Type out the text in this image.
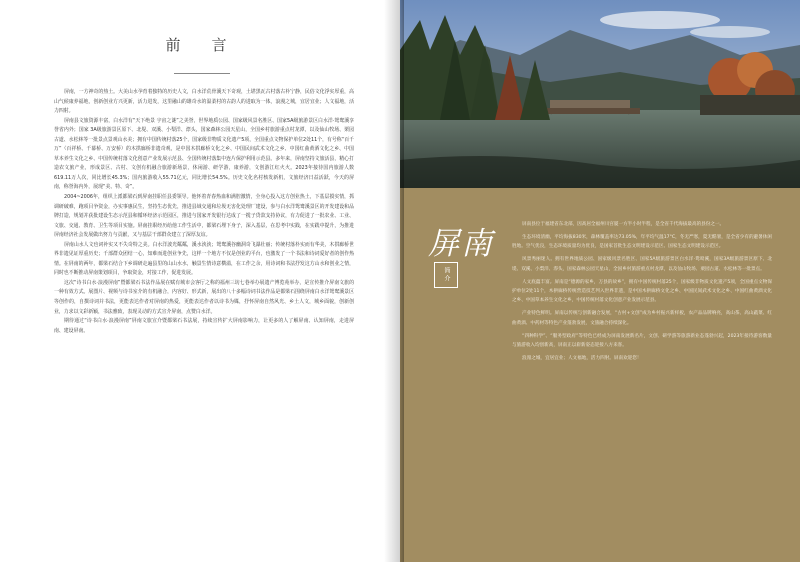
前　言

屏南，一方神奇的热土。大美山水孕育着独特的历史人文，白水洋荒骨溪天下奇观，土堪黑瓦古村落古朴宁静，民俗文化浮实厚重，高山气候康养福地，创新创业方兴更新，活力进发，这里融山的雄奇水的温柔村的古韵人的进取为一体，浪漫之城，宜居宜业；人文福地，活力四射。

屏南县文旅资源丰富，白水洋有“天下绝景 宇宙之谜”之美誉，世界地质公园、国家级风景名胜区、国家5A级旅游景区白水洋·鸳鸯溪享誉省内外；国家 3A级旅游景区原下、北堤、双溪、小梨洋、漈头，国家森林公园天星山，全国乡村旅游重点村龙潭，以及仙山牧场、栗园古道、水松林等一批景点景观山水美；拥有中国传统村落25个，国家级非物质文化遗产5项，全国重点文物保护单位2处11个，有号称“百千万”（百祥桥、千幕桥、万安桥）的木拱廊桥非遗奇观，是中国木拱廊桥文化之乡、中国民间武术文化之乡、中国红曲黄酒文化之乡、中国草本养生文化之乡、中国传统村落文化创意产业发展示范县、全国传统村落集中连片保护利用示范县。多年来，屏南坚持文旅活县，精心打造农文旅产业，形成景区、古村、文创有机融合旅游新场景，休闲游、研学游，康养游，文创游江红火火。2023年接待国内旅游人数619.11万人次，同比增长45.3%；国内旅游收入55.71亿元，同比增长54.5%。历史文化名村核发新机，文旅经济日益活跃，今天的屏南，称誉海内外，展现“美、特、奇”。

2004~2006年，组织上派都梁石到屏南挂职任县委领导。他怀着青春热血和满腔激情，全身心投入这方创业热土，下基层摸实情，抓调研破难，跑项目争资金，办实事惠民生，坚持生态优先，推进县域交通和垃圾无害化处理厂建设，参与白水洋鸳鸯溪景区的开发建设和品牌打造，规划并获批建设生态示范县和循环经济示范园区，推进与国家开发银行达成了一揽子贷款支持协议，有力促进了一批农业、工业、文旅、交通、教育、卫生等项目实施。屏南挂职经历给他工作生活中，都梁石埋下身子，深入基层，在思考中实践，在实践中提升，为推进屏南经济社会发展做出努力与贡献，又与基层干部群众建立了深厚友谊。

屏南山水人文也词补实又不失奇特之美。白水洋波光粼粼，溪水浃浃；鸳鸯溪谷幽洞奇飞瀑壮丽；传统村落朴实而有华美，木拱廊桥世界非遗见证厚重历史；千部群众团结一心，知难而进创业争先，这样一个地方不仅是创业的平台，也激发了一个书法和诗词爱好者的创作热情。在屏南的两年，都梁石结合下乡调研走遍县里的山山水水，触景生情诗意横溢，在工作之余，用诗词和书法抒发这方山水和创业之情，同时也不断推动屏南策划项目，争取资金，对接工作，促进发展。

这次“诗书白水·浪漫屏南”暨都梁石书法作品展在赋有城市会客厅之称的福州三坊七巷举办展遗产博览苑举办，是宣传推介屏南文旅的一种有效方式。展图片、视频与诗书室介的有机融合，内容好、形式新，展出的八十多幅诗词书法作品是都梁石围绕屏南白水洋鸳鸯溪景区等创作的，自撰诗词并书法，更能表达作者对屏南的热爱，更能表达作者以诗书为媒，抒怀屏南自然风光、乡土人文，城乡面貌，创新创业，力求以文彩新颖，书法雅致，表现灵动的方式宣介屏南，点赞白水洋。

期待通过“诗书白水·浪漫屏南”屏南文旅宣介暨都梁石书法展，持续宣传扩大屏南影响力，让更多的人了解屏南、认知屏南，走进屏南、建设屏南。

屏南
简介

屏南县位于福建省东北部，因高居全福州川宫厦一方半小时半程，是全省千代海拔最高的县份之一。

生态环境清幽，平均海拔830米，森林覆盖率达73.05%，年平均气温17°C，冬无严寒，夏无酷暑，是全省少有的避暑休闲胜地。空气优良，生态环境质量均为优良，是国家首批生态文明建设示范区、国家生态文明建设示范区。

风景秀丽迷人。拥有世界地质公园、国家级风景名胜区、国家5A级旅游景区白水洋·鸳鸯溪，国家3A级旅游景区原下、北堤、双溪、小梨洋、漈头，国家森林公园天星山，全国乡村旅游重点村龙潭，以及仙山牧场、栗园古道、水松林等一批景点。

人文底蕴丰富。屏南是“德源的家乡，万县的故乡”，拥有中国传统村落25个，国家级非物质文化遗产5项，全国重点文物保护单位2处11个，木拱廊桥传统营造技艺列入世界非遗，是中国木拱廊桥文化之乡、中国民间武术文化之乡、中国红曲黄酒文化之乡、中国草本养生文化之乡，中国传统村落文化创意产业发展示范县。

产业特色鲜明。屏南以传统与创新融合发展，“古村+文创”成为乡村振兴新样板，农产品品牌响亮，高山茶、高山蔬菜、红曲黄酒、中药材等特色产业蓬勃发展，文旅融合持续深化。

“四种科学”、“服务型政府”等特色已经成为屏南发展新名片，文创、研学游等旅游新业态蓬勃兴起，2023年接待游客数量与旅游收入均创新高，屏南正以崭新姿态迎接八方来客。

浪漫之城，宜居宜业；人文福地，活力四射。屏南欢迎您！
